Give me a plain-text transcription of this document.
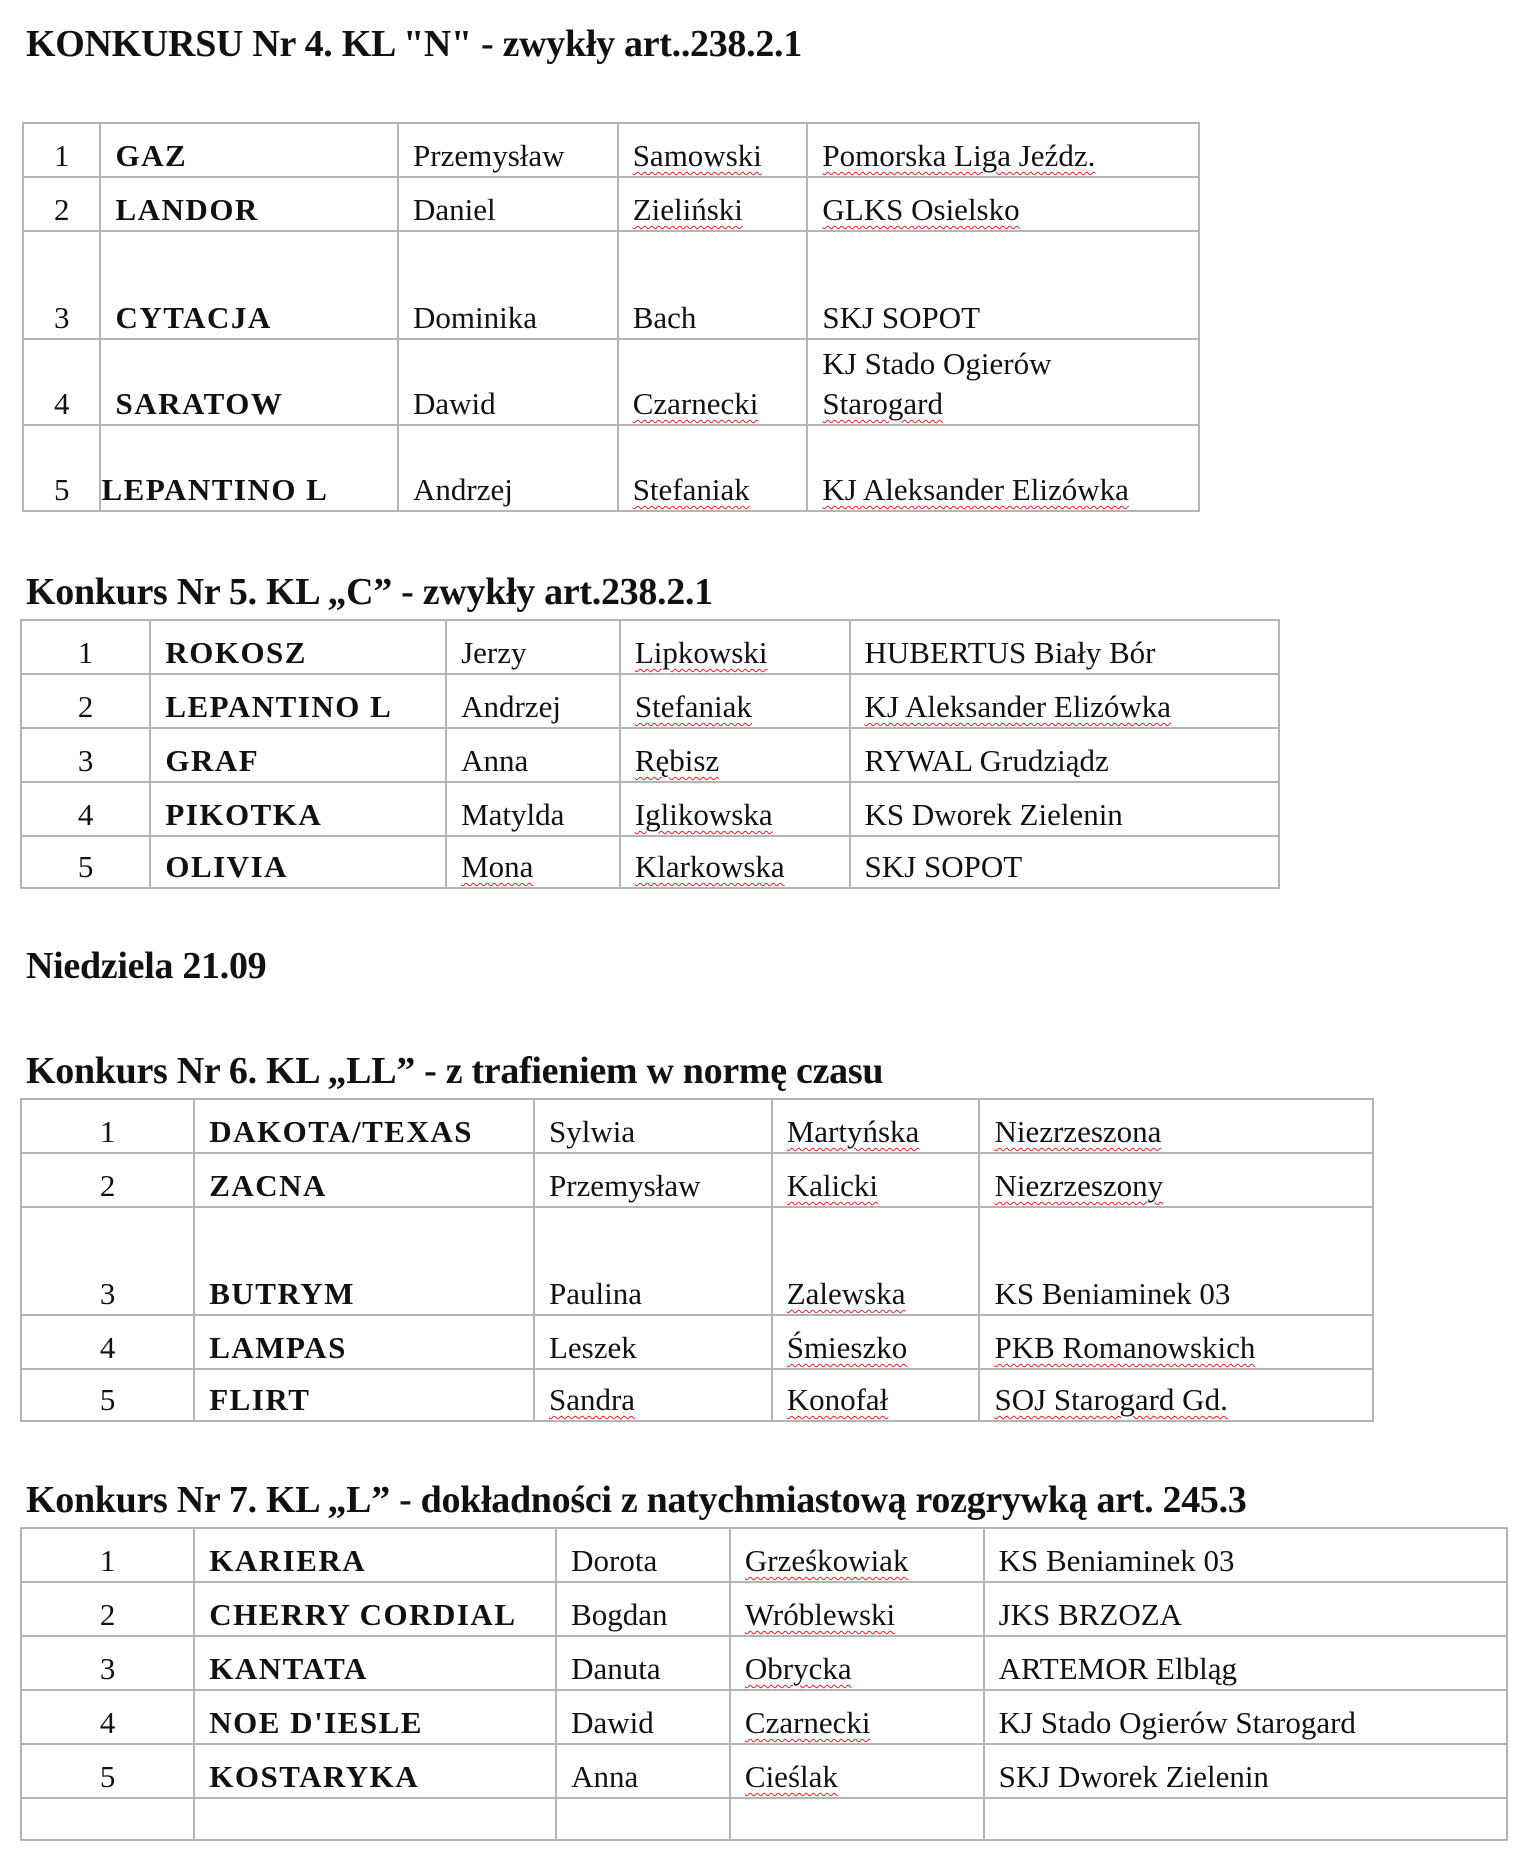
KONKURSU Nr 4. KL "N" - zwykły art..238.2.1
1	GAZ	Przemysław	Samowski	Pomorska Liga Jeźdz.
2	LANDOR	Daniel	Zieliński	GLKS Osielsko
3	CYTACJA	Dominika	Bach	SKJ SOPOT
4	SARATOW	Dawid	Czarnecki	KJ Stado Ogierów
Starogard

5	LEPANTINO L	Andrzej	Stefaniak	KJ Aleksander Elizówka
Konkurs Nr 5. KL „C” - zwykły art.238.2.1
1	ROKOSZ	Jerzy	Lipkowski	HUBERTUS Biały Bór
2	LEPANTINO L	Andrzej	Stefaniak	KJ Aleksander Elizówka
3	GRAF	Anna	Rębisz	RYWAL Grudziądz
4	PIKOTKA	Matylda	Iglikowska	KS Dworek Zielenin
5	OLIVIA	Mona	Klarkowska	SKJ SOPOT
Niedziela 21.09
Konkurs Nr 6. KL „LL” - z trafieniem w normę czasu
1	DAKOTA/TEXAS	Sylwia	Martyńska	Niezrzeszona
2	ZACNA	Przemysław	Kalicki	Niezrzeszony
3	BUTRYM	Paulina	Zalewska	KS Beniaminek 03
4	LAMPAS	Leszek	Śmieszko	PKB Romanowskich
5	FLIRT	Sandra	Konofał	SOJ Starogard Gd.
Konkurs Nr 7. KL „L” - dokładności z natychmiastową rozgrywką art. 245.3
1	KARIERA	Dorota	Grześkowiak	KS Beniaminek 03
2	CHERRY CORDIAL	Bogdan	Wróblewski	JKS BRZOZA
3	KANTATA	Danuta	Obrycka	ARTEMOR Elbląg
4	NOE D'IESLE	Dawid	Czarnecki	KJ Stado Ogierów Starogard
5	KOSTARYKA	Anna	Cieślak	SKJ Dworek Zielenin
